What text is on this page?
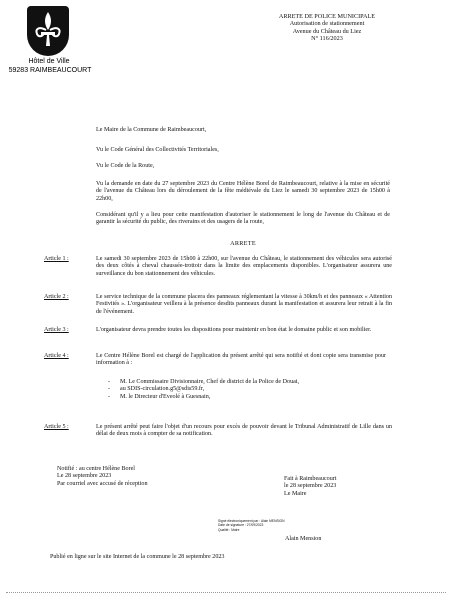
Hôtel de Ville
59283 RAIMBEAUCOURT
ARRETE DE POLICE MUNICIPALE
Autorisation de stationnement
Avenue du Château du Liez
N° 116/2023
Le Maire de la Commune de Raimbeaucourt,
Vu le Code Général des Collectivités Territoriales,
Vu le Code de la Route,
Vu la demande en date du 27 septembre 2023 du Centre Hélène Borel de Raimbeaucourt, relative à la mise en sécurité de l'avenue du Château lors du déroulement de la fête médiévale du Liez le samedi 30 septembre 2023 de 15h00 à 22h00,
Considérant qu'il y a lieu pour cette manifestation d'autoriser le stationnement le long de l'avenue du Château et de garantir la sécurité du public, des riverains et des usagers de la route,
ARRETE
Article 1 :	Le samedi 30 septembre 2023 de 15h00 à 22h00, sur l'avenue du Château, le stationnement des véhicules sera autorisé des deux côtés à cheval chaussée-trottoir dans la limite des emplacements disponibles. L'organisateur assurera une surveillance du bon stationnement des véhicules.
Article 2 :	Le service technique de la commune placera des panneaux réglementant la vitesse à 30km/h et des panneaux « Attention Festivités ». L'organisateur veillera à la présence desdits panneaux durant la manifestation et assurera leur retrait à la fin de l'événement.
Article 3 :	L'organisateur devra prendre toutes les dispositions pour maintenir en bon état le domaine public et son mobilier.
Article 4 :	Le Centre Hélène Borel est chargé de l'application du présent arrêté qui sera notifié et dont copie sera transmise pour information à :
- M. Le Commissaire Divisionnaire, Chef de district de la Police de Douai,
- au SDIS-circulation.g5@sdis59.fr,
- M. le Directeur d'Eveolé à Guesnain,
Article 5 :	Le présent arrêté peut faire l'objet d'un recours pour excès de pouvoir devant le Tribunal Administratif de Lille dans un délai de deux mois à compter de sa notification.
Notifié : au centre Hélène Borel
Le 28 septembre 2023
Par courriel avec accusé de réception
Fait à Raimbeaucourt
le 28 septembre 2023
Le Maire
Signé électroniquement par : Alain MENSION
Date de signature : 27/09/2023
Qualité : Maire
Alain Mension
Publié en ligne sur le site Internet de la commune le 28 septembre 2023
